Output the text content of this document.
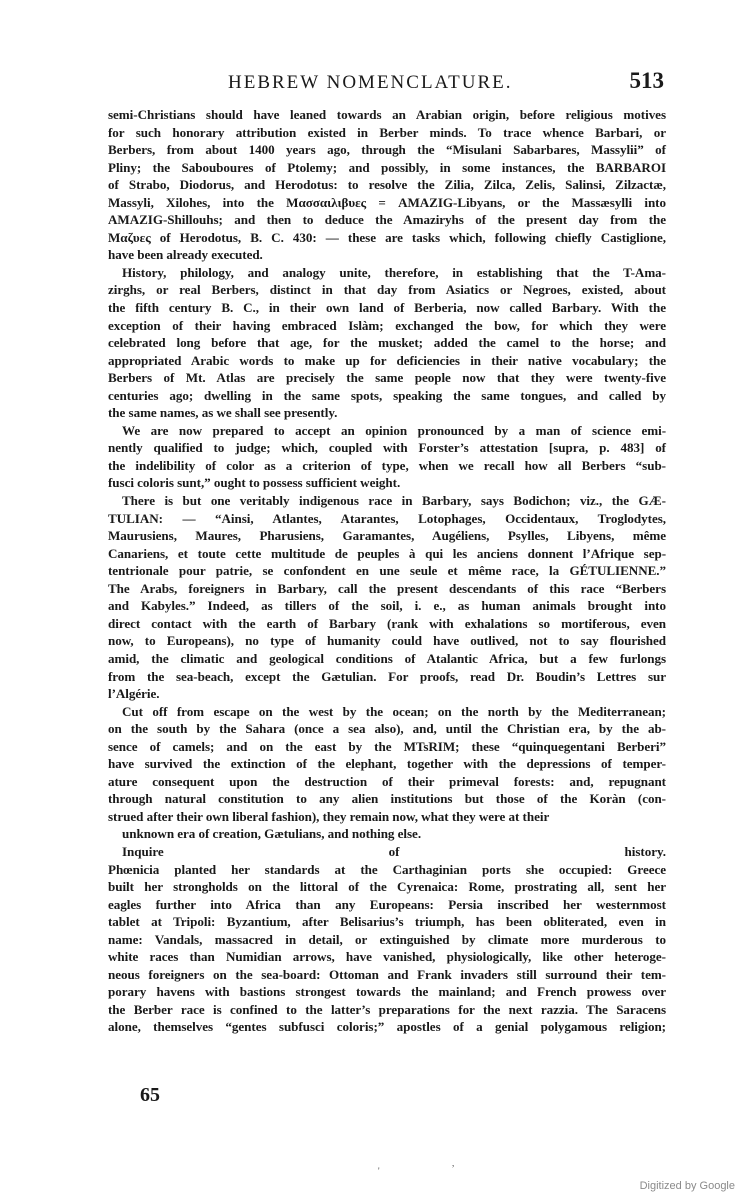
HEBREW NOMENCLATURE.	513
semi-Christians should have leaned towards an Arabian origin, before religious motives
for such honorary attribution existed in Berber minds. To trace whence Barbari, or
Berbers, from about 1400 years ago, through the “Misulani Sabarbares, Massylii” of
Pliny; the Sabouboures of Ptolemy; and possibly, in some instances, the BARBAROI
of Strabo, Diodorus, and Herodotus: to resolve the Zilia, Zilca, Zelis, Salinsi, Zilzactæ,
Massyli, Xilohes, into the Μασσαιλιβυες = AMAZIG-Libyans, or the Massæsylli into
AMAZIG-Shillouhs; and then to deduce the Amaziryhs of the present day from the
Μαζυες of Herodotus, B. C. 430: — these are tasks which, following chiefly Castiglione,
have been already executed.
History, philology, and analogy unite, therefore, in establishing that the T-Ama-
zirghs, or real Berbers, distinct in that day from Asiatics or Negroes, existed, about
the fifth century B. C., in their own land of Berberia, now called Barbary. With the
exception of their having embraced Islàm; exchanged the bow, for which they were
celebrated long before that age, for the musket; added the camel to the horse; and
appropriated Arabic words to make up for deficiencies in their native vocabulary; the
Berbers of Mt. Atlas are precisely the same people now that they were twenty-five
centuries ago; dwelling in the same spots, speaking the same tongues, and called by
the same names, as we shall see presently.
We are now prepared to accept an opinion pronounced by a man of science emi-
nently qualified to judge; which, coupled with Forster’s attestation [supra, p. 483] of
the indelibility of color as a criterion of type, when we recall how all Berbers “sub-
fusci coloris sunt,” ought to possess sufficient weight.
There is but one veritably indigenous race in Barbary, says Bodichon; viz., the GÆ-
TULIAN: — “Ainsi, Atlantes, Atarantes, Lotophages, Occidentaux, Troglodytes,
Maurusiens, Maures, Pharusiens, Garamantes, Augéliens, Psylles, Libyens, même
Canariens, et toute cette multitude de peuples à qui les anciens donnent l’Afrique sep-
tentrionale pour patrie, se confondent en une seule et même race, la GÉTULIENNE.”
The Arabs, foreigners in Barbary, call the present descendants of this race “Berbers
and Kabyles.” Indeed, as tillers of the soil, i. e., as human animals brought into
direct contact with the earth of Barbary (rank with exhalations so mortiferous, even
now, to Europeans), no type of humanity could have outlived, not to say flourished
amid, the climatic and geological conditions of Atalantic Africa, but a few furlongs
from the sea-beach, except the Gætulian. For proofs, read Dr. Boudin’s Lettres sur
l’Algérie.
Cut off from escape on the west by the ocean; on the north by the Mediterranean;
on the south by the Sahara (once a sea also), and, until the Christian era, by the ab-
sence of camels; and on the east by the MTsRIM; these “quinquegentani Berberi”
have survived the extinction of the elephant, together with the depressions of temper-
ature consequent upon the destruction of their primeval forests: and, repugnant
through natural constitution to any alien institutions but those of the Koràn (con-
strued after their own liberal fashion), they remain now, what they were at their
unknown era of creation, Gætulians, and nothing else.
Inquire of history.
Phœnicia planted her standards at the Carthaginian ports she occupied: Greece
built her strongholds on the littoral of the Cyrenaica: Rome, prostrating all, sent her
eagles further into Africa than any Europeans: Persia inscribed her westernmost
tablet at Tripoli: Byzantium, after Belisarius’s triumph, has been obliterated, even in
name: Vandals, massacred in detail, or extinguished by climate more murderous to
white races than Numidian arrows, have vanished, physiologically, like other heteroge-
neous foreigners on the sea-board: Ottoman and Frank invaders still surround their tem-
porary havens with bastions strongest towards the mainland; and French prowess over
the Berber race is confined to the latter’s preparations for the next razzia. The Saracens
alone, themselves “gentes subfusci coloris;” apostles of a genial polygamous religion;
65
,
'
Digitized by Google
